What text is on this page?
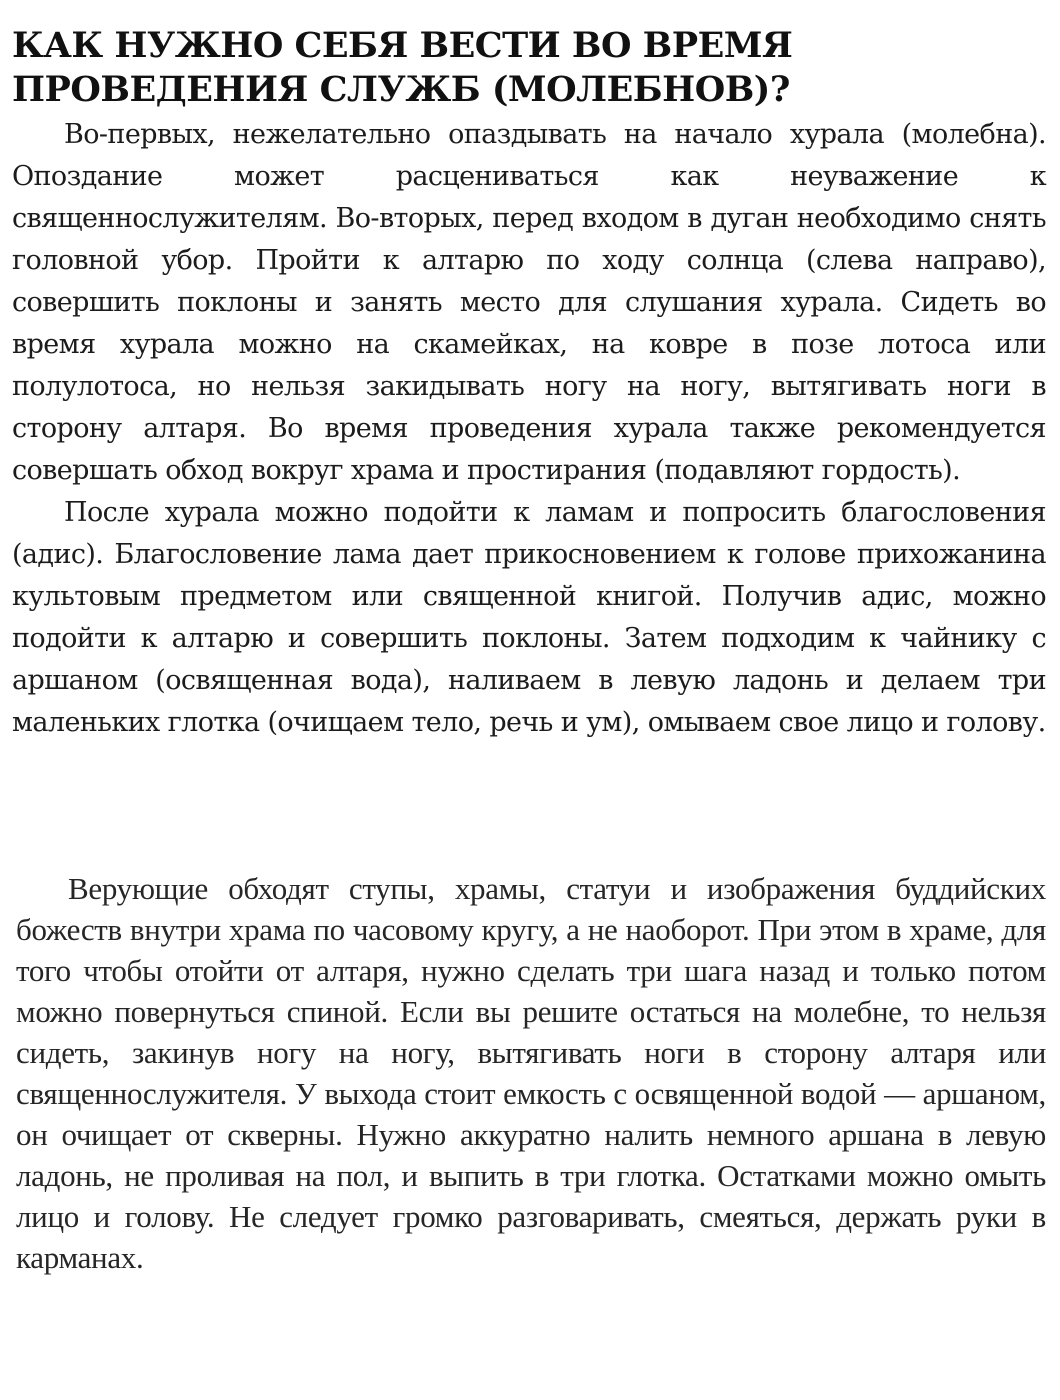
КАК НУЖНО СЕБЯ ВЕСТИ ВО ВРЕМЯ ПРОВЕДЕНИЯ СЛУЖБ (МОЛЕБНОВ)?

Во-первых, нежелательно опаздывать на начало хурала (молебна). Опоздание может расцениваться как неуважение к священнослужителям. Во-вторых, перед входом в дуган необходимо снять головной убор. Пройти к алтарю по ходу солнца (слева направо), совершить поклоны и занять место для слушания хурала. Сидеть во время хурала можно на скамейках, на ковре в позе лотоса или полулотоса, но нельзя закидывать ногу на ногу, вытягивать ноги в сторону алтаря. Во время проведения хурала также рекомендуется совершать обход вокруг храма и простирания (подавляют гордость).

После хурала можно подойти к ламам и попросить благословения (адис). Благословение лама дает прикосновением к голове прихожанина культовым предметом или священной книгой. Получив адис, можно подойти к алтарю и совершить поклоны. Затем подходим к чайнику с аршаном (освященная вода), наливаем в левую ладонь и делаем три маленьких глотка (очищаем тело, речь и ум), омываем свое лицо и голову.

Верующие обходят ступы, храмы, статуи и изображения буддийских божеств внутри храма по часовому кругу, а не наоборот. При этом в храме, для того чтобы отойти от алтаря, нужно сделать три шага назад и только потом можно повернуться спиной. Если вы решите остаться на молебне, то нельзя сидеть, закинув ногу на ногу, вытягивать ноги в сторону алтаря или священнослужителя. У выхода стоит емкость с освященной водой — аршаном, он очищает от скверны. Нужно аккуратно налить немного аршана в левую ладонь, не проливая на пол, и выпить в три глотка. Остатками можно омыть лицо и голову. Не следует громко разговаривать, смеяться, держать руки в карманах.
